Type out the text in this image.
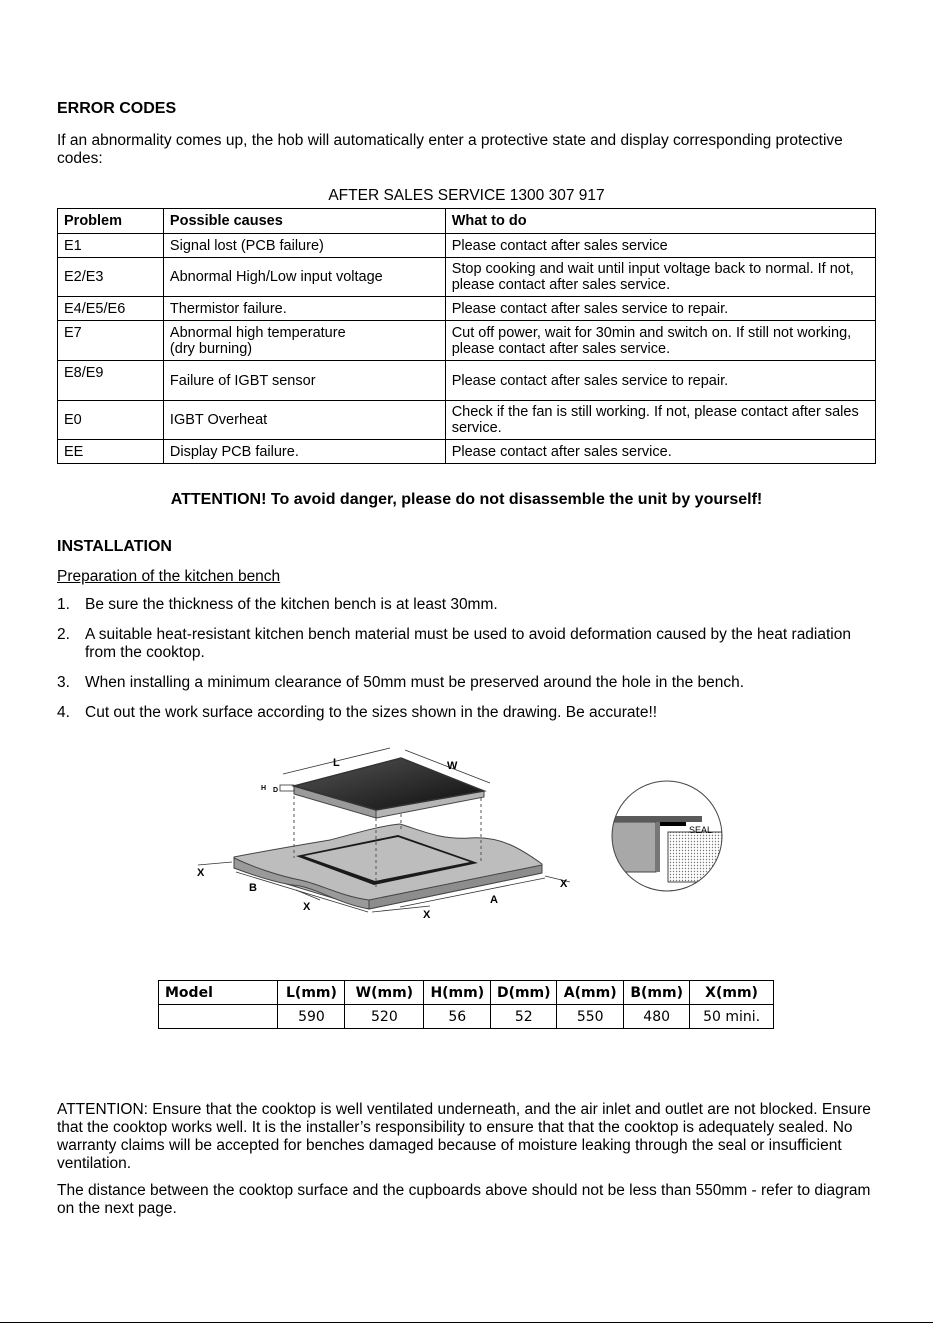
ERROR CODES
If an abnormality comes up, the hob will automatically enter a protective state and display corresponding protective codes:
AFTER SALES SERVICE 1300 307 917
Problem	Possible causes	What to do
E1	Signal lost (PCB failure)	Please contact after sales service
E2/E3	Abnormal High/Low input voltage	Stop cooking and wait until input voltage back to normal. If not, please contact after sales service.
E4/E5/E6	Thermistor failure.	Please contact after sales service to repair.
E7	Abnormal high temperature (dry burning)	Cut off power, wait for 30min and switch on. If still not working, please contact after sales service.
E8/E9	Failure of IGBT sensor	Please contact after sales service to repair.
E0	IGBT Overheat	Check if the fan is still working. If not, please contact after sales service.
EE	Display PCB failure.	Please contact after sales service.
ATTENTION! To avoid danger, please do not disassemble the unit by yourself!
INSTALLATION
Preparation of the kitchen bench
1. Be sure the thickness of the kitchen bench is at least 30mm.
2. A suitable heat-resistant kitchen bench material must be used to avoid deformation caused by the heat radiation from the cooktop.
3. When installing a minimum clearance of 50mm must be preserved around the hole in the bench.
4. Cut out the work surface according to the sizes shown in the drawing. Be accurate!!
L	W
H D
X
B
X
X
A
X
SEAL
Model	L(mm)	W(mm)	H(mm)	D(mm)	A(mm)	B(mm)	X(mm)
	590	520	56	52	550	480	50 mini.
ATTENTION: Ensure that the cooktop is well ventilated underneath, and the air inlet and outlet are not blocked. Ensure that the cooktop works well. It is the installer’s responsibility to ensure that that the cooktop is adequately sealed. No warranty claims will be accepted for benches damaged because of moisture leaking through the seal or insufficient ventilation.
The distance between the cooktop surface and the cupboards above should not be less than 550mm - refer to diagram on the next page.
